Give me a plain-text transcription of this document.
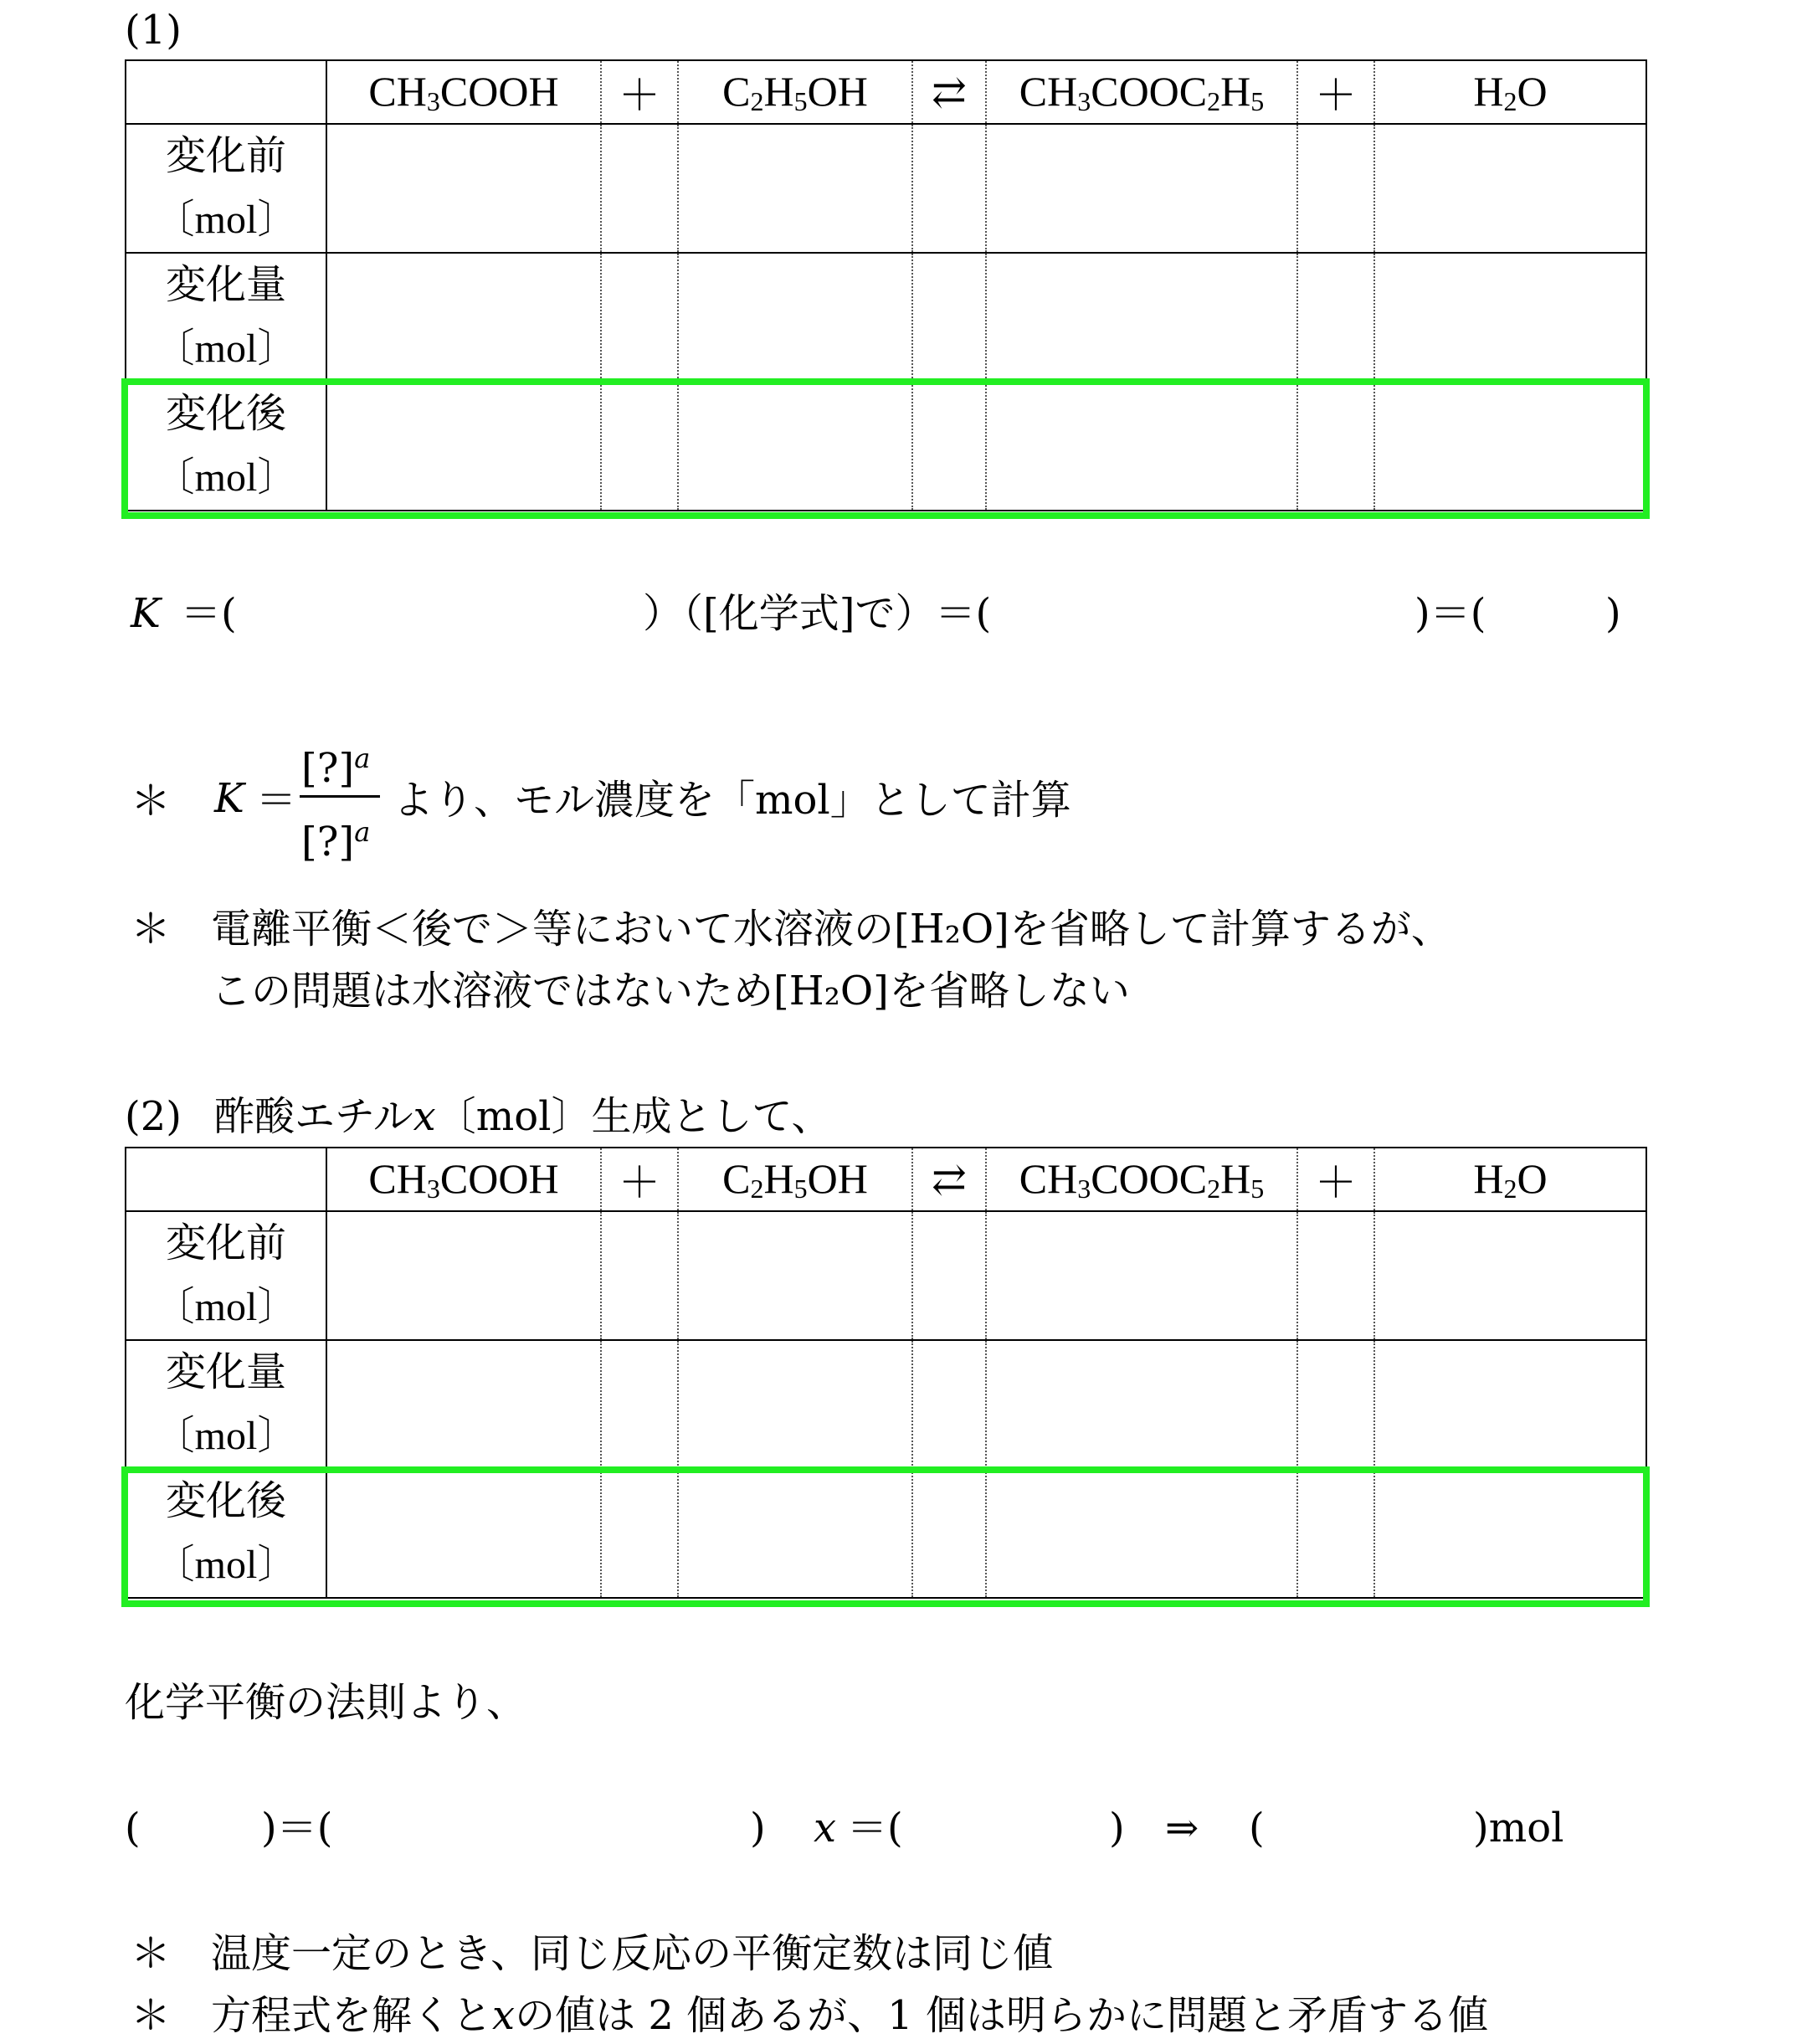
(1)
	CH3COOH	＋	C2H5OH	⇄	CH3COOC2H5	＋	H2O

変化前
〔mol〕							

変化量
〔mol〕							

変化後
〔mol〕							

K ＝(	）（[化学式]で）＝(	)＝(	)
＊ K ＝
[?]$^a$
[?]$^a$
より、モル濃度を「mol」として計算
＊ 電離平衡＜後で＞等において水溶液の[H₂O]を省略して計算するが、
この問題は水溶液ではないため[H₂O]を省略しない
(2) 酢酸エチルx〔mol〕生成として、
	CH3COOH	＋	C2H5OH	⇄	CH3COOC2H5	＋	H2O

変化前
〔mol〕							

変化量
〔mol〕							

変化後
〔mol〕							

化学平衡の法則より、
(	)＝(	) x ＝(	) ⇒ (	)mol
＊ 温度一定のとき、同じ反応の平衡定数は同じ値
＊ 方程式を解くとxの値は 2 個あるが、1 個は明らかに問題と矛盾する値
